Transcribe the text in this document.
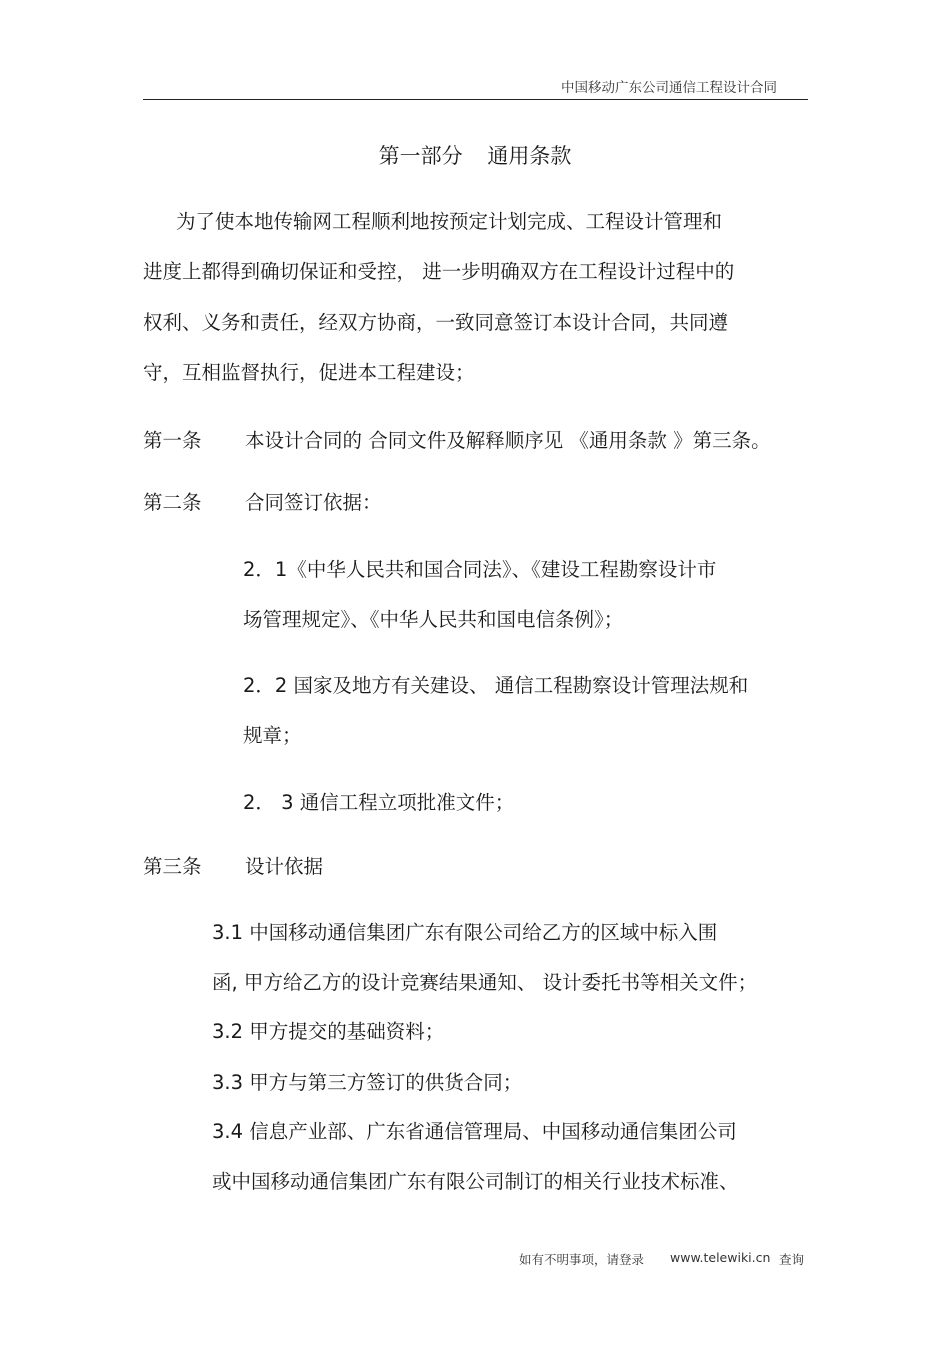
中国移动广东公司通信工程设计合同
第一部分 通用条款
为了使本地传输网工程顺利地按预定计划完成、工程设计管理和
进度上都得到确切保证和受控， 进一步明确双方在工程设计过程中的
权利、义务和责任，经双方协商，一致同意签订本设计合同，共同遵
守，互相监督执行，促进本工程建设；
第一条 本设计合同的 合同文件及解释顺序见 《通用条款 》第三条。
第二条 合同签订依据：
2．1《中华人民共和国合同法》、《建设工程勘察设计市
场管理规定》、《中华人民共和国电信条例》；
2．2 国家及地方有关建设、 通信工程勘察设计管理法规和
规章；
2． 3 通信工程立项批准文件；
第三条 设计依据
3.1 中国移动通信集团广东有限公司给乙方的区域中标入围
函, 甲方给乙方的设计竞赛结果通知、 设计委托书等相关文件；
3.2 甲方提交的基础资料；
3.3 甲方与第三方签订的供货合同；
3.4 信息产业部、广东省通信管理局、中国移动通信集团公司
或中国移动通信集团广东有限公司制订的相关行业技术标准、
如有不明事项，请登录 www.telewiki.cn 查询
